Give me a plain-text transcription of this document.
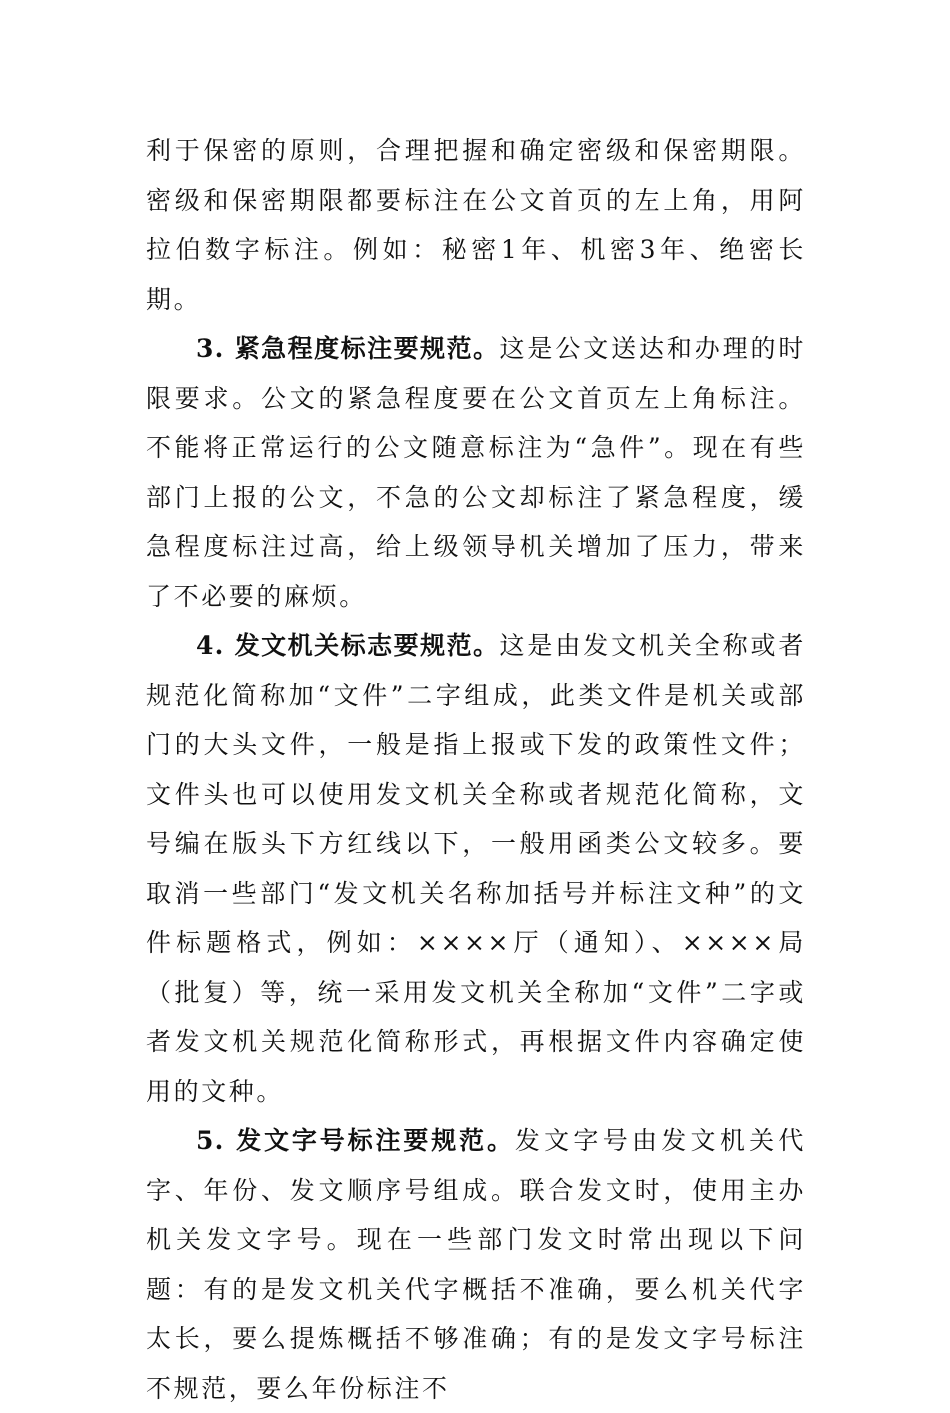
利于保密的原则，合理把握和确定密级和保密期限。密级和保密期限都要标注在公文首页的左上角，用阿拉伯数字标注。例如：秘密1年、机密3年、绝密长期。

3. 紧急程度标注要规范。这是公文送达和办理的时限要求。公文的紧急程度要在公文首页左上角标注。不能将正常运行的公文随意标注为“急件”。现在有些部门上报的公文，不急的公文却标注了紧急程度，缓急程度标注过高，给上级领导机关增加了压力，带来了不必要的麻烦。

4. 发文机关标志要规范。这是由发文机关全称或者规范化简称加“文件”二字组成，此类文件是机关或部门的大头文件，一般是指上报或下发的政策性文件；文件头也可以使用发文机关全称或者规范化简称，文号编在版头下方红线以下，一般用函类公文较多。要取消一些部门“发文机关名称加括号并标注文种”的文件标题格式，例如：××××厅（通知）、××××局（批复）等，统一采用发文机关全称加“文件”二字或者发文机关规范化简称形式，再根据文件内容确定使用的文种。

5. 发文字号标注要规范。发文字号由发文机关代字、年份、发文顺序号组成。联合发文时，使用主办机关发文字号。现在一些部门发文时常出现以下问题：有的是发文机关代字概括不准确，要么机关代字太长，要么提炼概括不够准确；有的是发文字号标注不规范，要么年份标注不
